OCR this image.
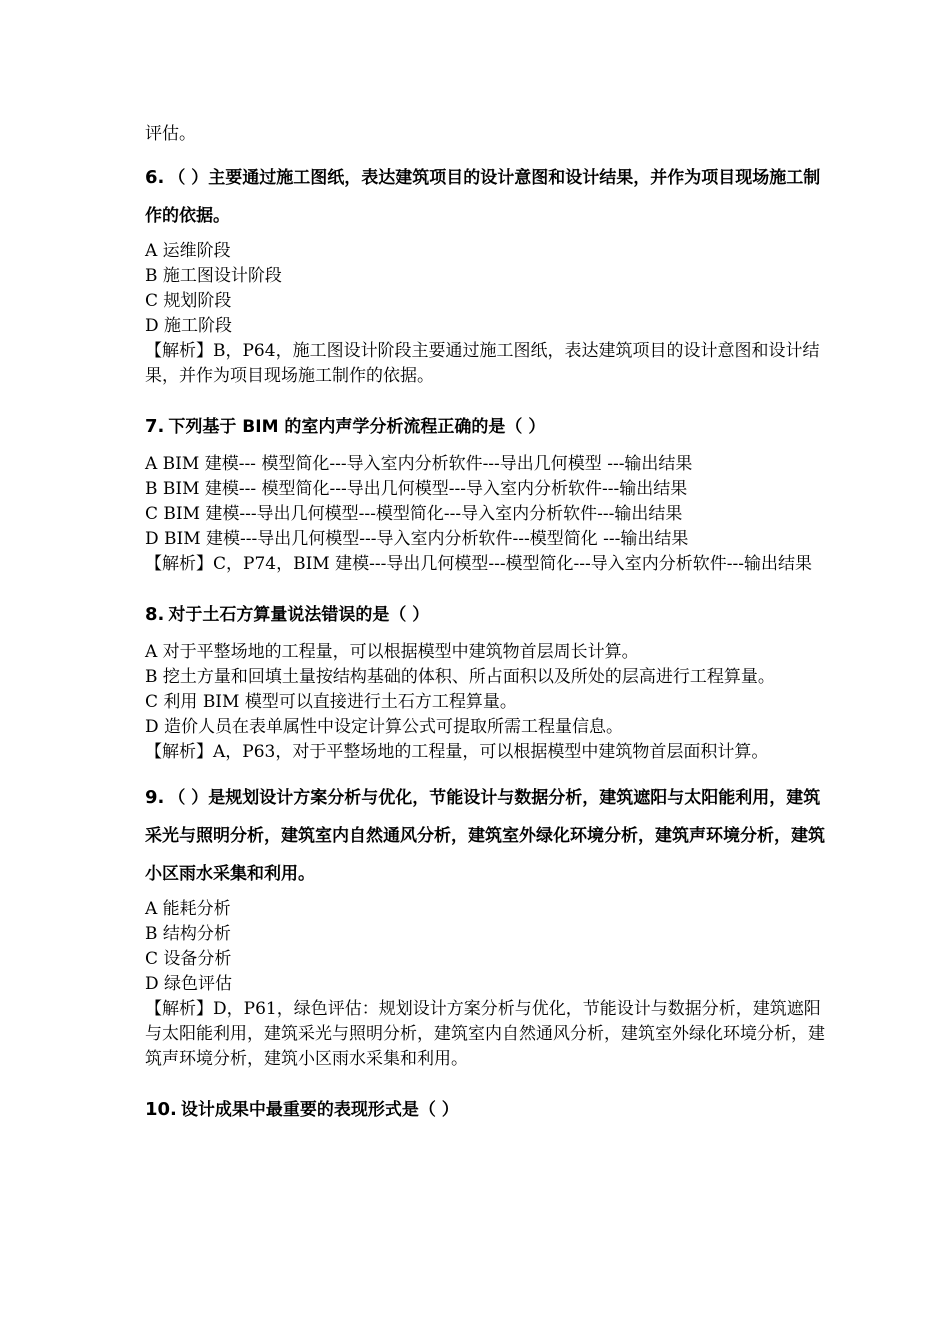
评估。
6. （ ）主要通过施工图纸，表达建筑项目的设计意图和设计结果，并作为项目现场施工制作的依据。
A 运维阶段
B 施工图设计阶段
C 规划阶段
D 施工阶段
【解析】B，P64，施工图设计阶段主要通过施工图纸，表达建筑项目的设计意图和设计结果，并作为项目现场施工制作的依据。
7. 下列基于 BIM 的室内声学分析流程正确的是（ ）
A BIM 建模--- 模型简化---导入室内分析软件---导出几何模型 ---输出结果
B BIM 建模--- 模型简化---导出几何模型---导入室内分析软件---输出结果
C BIM 建模---导出几何模型---模型简化---导入室内分析软件---输出结果
D BIM 建模---导出几何模型---导入室内分析软件---模型简化 ---输出结果
【解析】C，P74，BIM 建模---导出几何模型---模型简化---导入室内分析软件---输出结果
8. 对于土石方算量说法错误的是（ ）
A 对于平整场地的工程量，可以根据模型中建筑物首层周长计算。
B 挖土方量和回填土量按结构基础的体积、所占面积以及所处的层高进行工程算量。
C 利用 BIM 模型可以直接进行土石方工程算量。
D 造价人员在表单属性中设定计算公式可提取所需工程量信息。
【解析】A，P63，对于平整场地的工程量，可以根据模型中建筑物首层面积计算。
9. （ ）是规划设计方案分析与优化，节能设计与数据分析，建筑遮阳与太阳能利用，建筑采光与照明分析，建筑室内自然通风分析，建筑室外绿化环境分析，建筑声环境分析，建筑小区雨水采集和利用。
A 能耗分析
B 结构分析
C 设备分析
D 绿色评估
【解析】D，P61，绿色评估：规划设计方案分析与优化，节能设计与数据分析，建筑遮阳与太阳能利用，建筑采光与照明分析，建筑室内自然通风分析，建筑室外绿化环境分析，建筑声环境分析，建筑小区雨水采集和利用。
10. 设计成果中最重要的表现形式是（ ）
